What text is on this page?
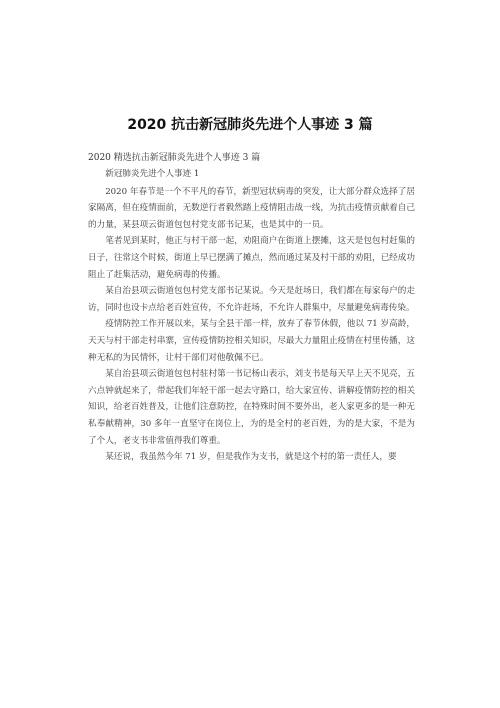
2020 抗击新冠肺炎先进个人事迹 3 篇
2020 精选抗击新冠肺炎先进个人事迹 3 篇

新冠肺炎先进个人事迹 1

2020 年春节是一个不平凡的春节，新型冠状病毒的突发，让大部分群众选择了居家隔离，但在疫情面前，无数逆行者毅然踏上疫情阻击战一线，为抗击疫情贡献着自己的力量，某县项云街道包包村党支部书记某，也是其中的一员。

笔者见到某时，他正与村干部一起，劝阻商户在街道上摆摊，这天是包包村赶集的日子，往常这个时候，街道上早已摆满了摊点，然而通过某及村干部的劝阻，已经成功阻止了赶集活动，避免病毒的传播。

某自治县项云街道包包村党支部书记某说。今天是赶场日，我们都在每家每户的走访，同时也设卡点给老百姓宣传，不允许赶场，不允许人群集中，尽量避免病毒传染。

疫情防控工作开展以来，某与全县干部一样，放弃了春节休假，他以 71 岁高龄，天天与村干部走村串寨，宣传疫情防控相关知识，尽最大力量阻止疫情在村里传播，这种无私的为民情怀，让村干部们对他敬佩不已。

某自治县项云街道包包村驻村第一书记杨山表示，刘支书是每天早上天不见亮，五六点钟就起来了，带起我们年轻干部一起去守路口，给大家宣传、讲解疫情防控的相关知识，给老百姓普及，让他们注意防控，在特殊时间不要外出，老人家更多的是一种无私奉献精神，30 多年一直坚守在岗位上，为的是全村的老百姓，为的是大家，不是为了个人，老支书非常值得我们尊重。

某还说，我虽然今年 71 岁，但是我作为支书，就是这个村的第一责任人，要
